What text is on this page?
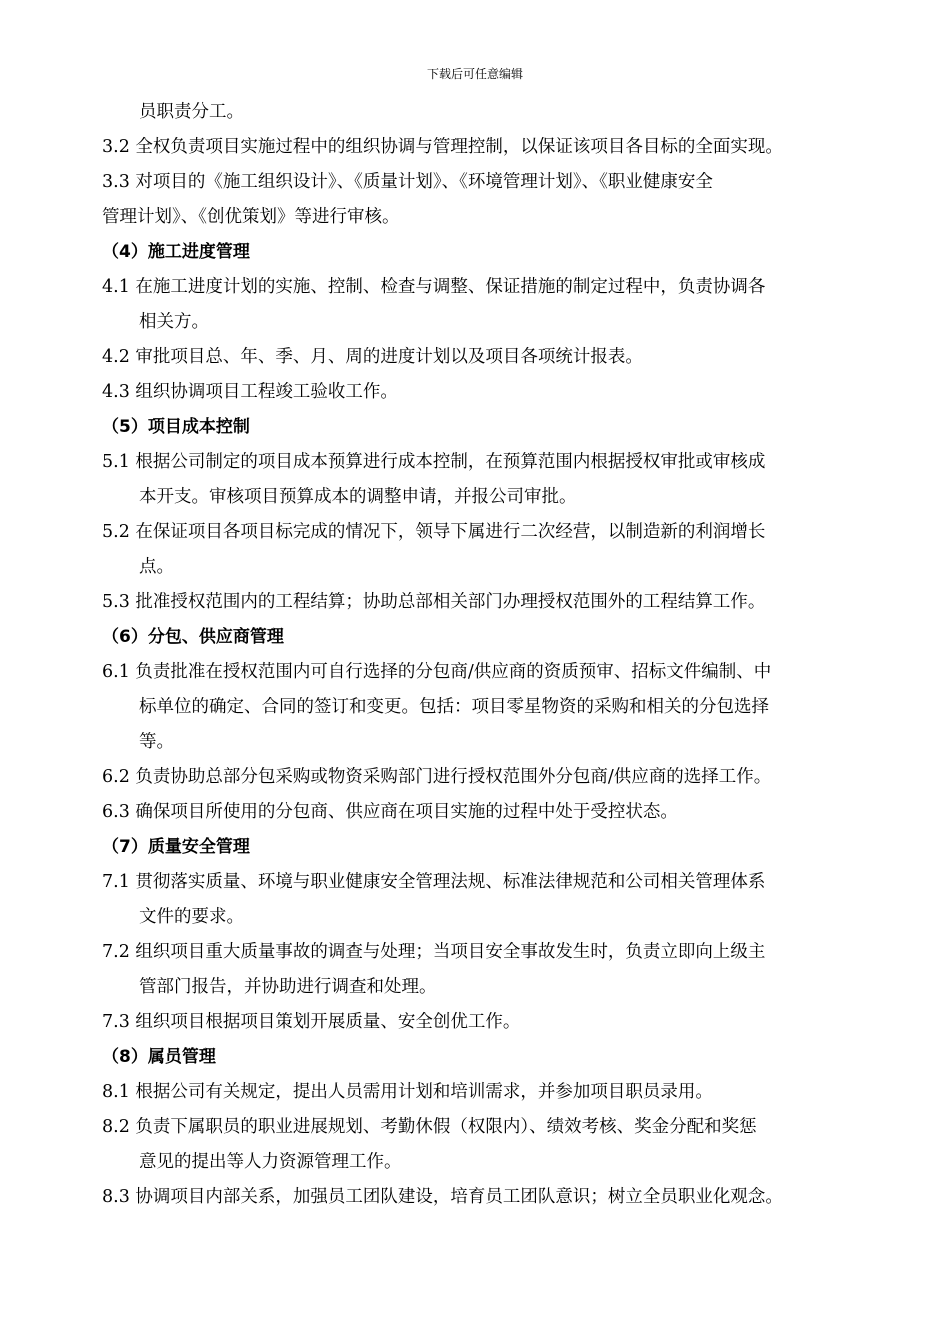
下载后可任意编辑
员职责分工。
3.2 全权负责项目实施过程中的组织协调与管理控制，以保证该项目各目标的全面实现。
3.3 对项目的《施工组织设计》、《质量计划》、《环境管理计划》、《职业健康安全
管理计划》、《创优策划》等进行审核。
（4）施工进度管理
4.1 在施工进度计划的实施、控制、检查与调整、保证措施的制定过程中，负责协调各
相关方。
4.2 审批项目总、年、季、月、周的进度计划以及项目各项统计报表。
4.3 组织协调项目工程竣工验收工作。
（5）项目成本控制
5.1 根据公司制定的项目成本预算进行成本控制，在预算范围内根据授权审批或审核成
本开支。审核项目预算成本的调整申请，并报公司审批。
5.2 在保证项目各项目标完成的情况下，领导下属进行二次经营，以制造新的利润增长
点。
5.3 批准授权范围内的工程结算；协助总部相关部门办理授权范围外的工程结算工作。
（6）分包、供应商管理
6.1 负责批准在授权范围内可自行选择的分包商/供应商的资质预审、招标文件编制、中
标单位的确定、合同的签订和变更。包括：项目零星物资的采购和相关的分包选择
等。
6.2 负责协助总部分包采购或物资采购部门进行授权范围外分包商/供应商的选择工作。
6.3 确保项目所使用的分包商、供应商在项目实施的过程中处于受控状态。
（7）质量安全管理
7.1 贯彻落实质量、环境与职业健康安全管理法规、标准法律规范和公司相关管理体系
文件的要求。
7.2 组织项目重大质量事故的调查与处理；当项目安全事故发生时，负责立即向上级主
管部门报告，并协助进行调查和处理。
7.3 组织项目根据项目策划开展质量、安全创优工作。
（8）属员管理
8.1 根据公司有关规定，提出人员需用计划和培训需求，并参加项目职员录用。
8.2 负责下属职员的职业进展规划、考勤休假（权限内）、绩效考核、奖金分配和奖惩
意见的提出等人力资源管理工作。
8.3 协调项目内部关系，加强员工团队建设，培育员工团队意识；树立全员职业化观念。
